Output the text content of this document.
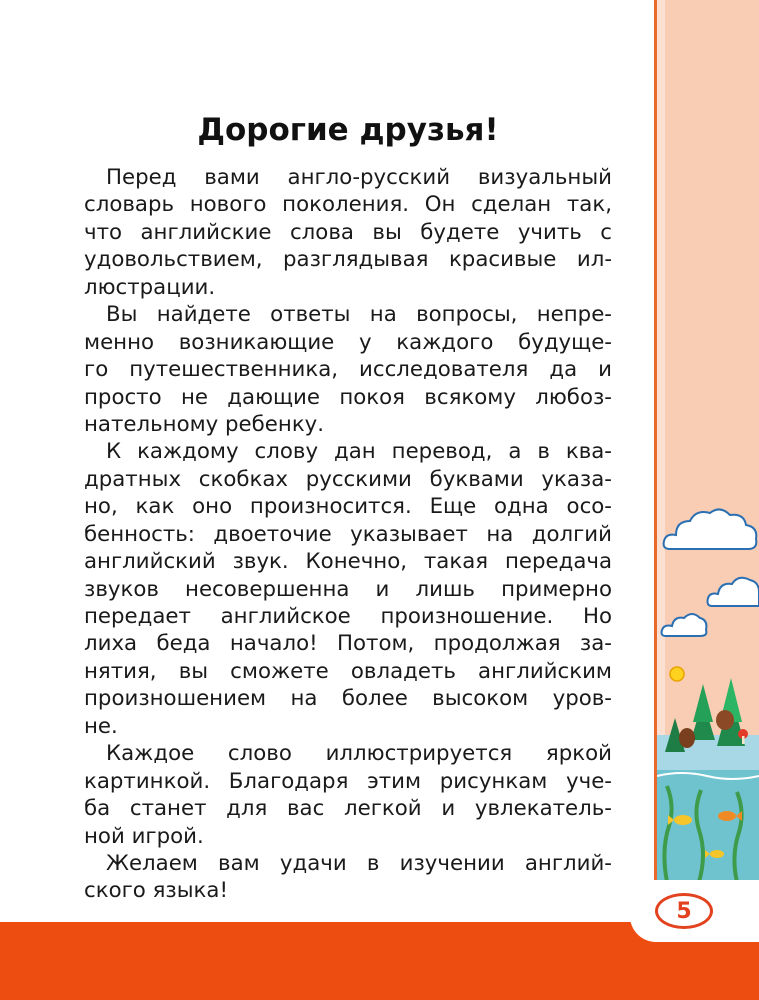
5
Дорогие друзья!
Перед вами англо-русский визуальный
словарь нового поколения. Он сделан так,
что английские слова вы будете учить с
удовольствием, разглядывая красивые ил-
люстрации.
Вы найдете ответы на вопросы, непре-
менно возникающие у каждого будуще-
го путешественника, исследователя да и
просто не дающие покоя всякому любоз-
нательному ребенку.
К каждому слову дан перевод, а в ква-
дратных скобках русскими буквами указа-
но, как оно произносится. Еще одна осо-
бенность: двоеточие указывает на долгий
английский звук. Конечно, такая передача
звуков несовершенна и лишь примерно
передает английское произношение. Но
лиха беда начало! Потом, продолжая за-
нятия, вы сможете овладеть английским
произношением на более высоком уров-
не.
Каждое слово иллюстрируется яркой
картинкой. Благодаря этим рисункам уче-
ба станет для вас легкой и увлекатель-
ной игрой.
Желаем вам удачи в изучении англий-
ского языка!
